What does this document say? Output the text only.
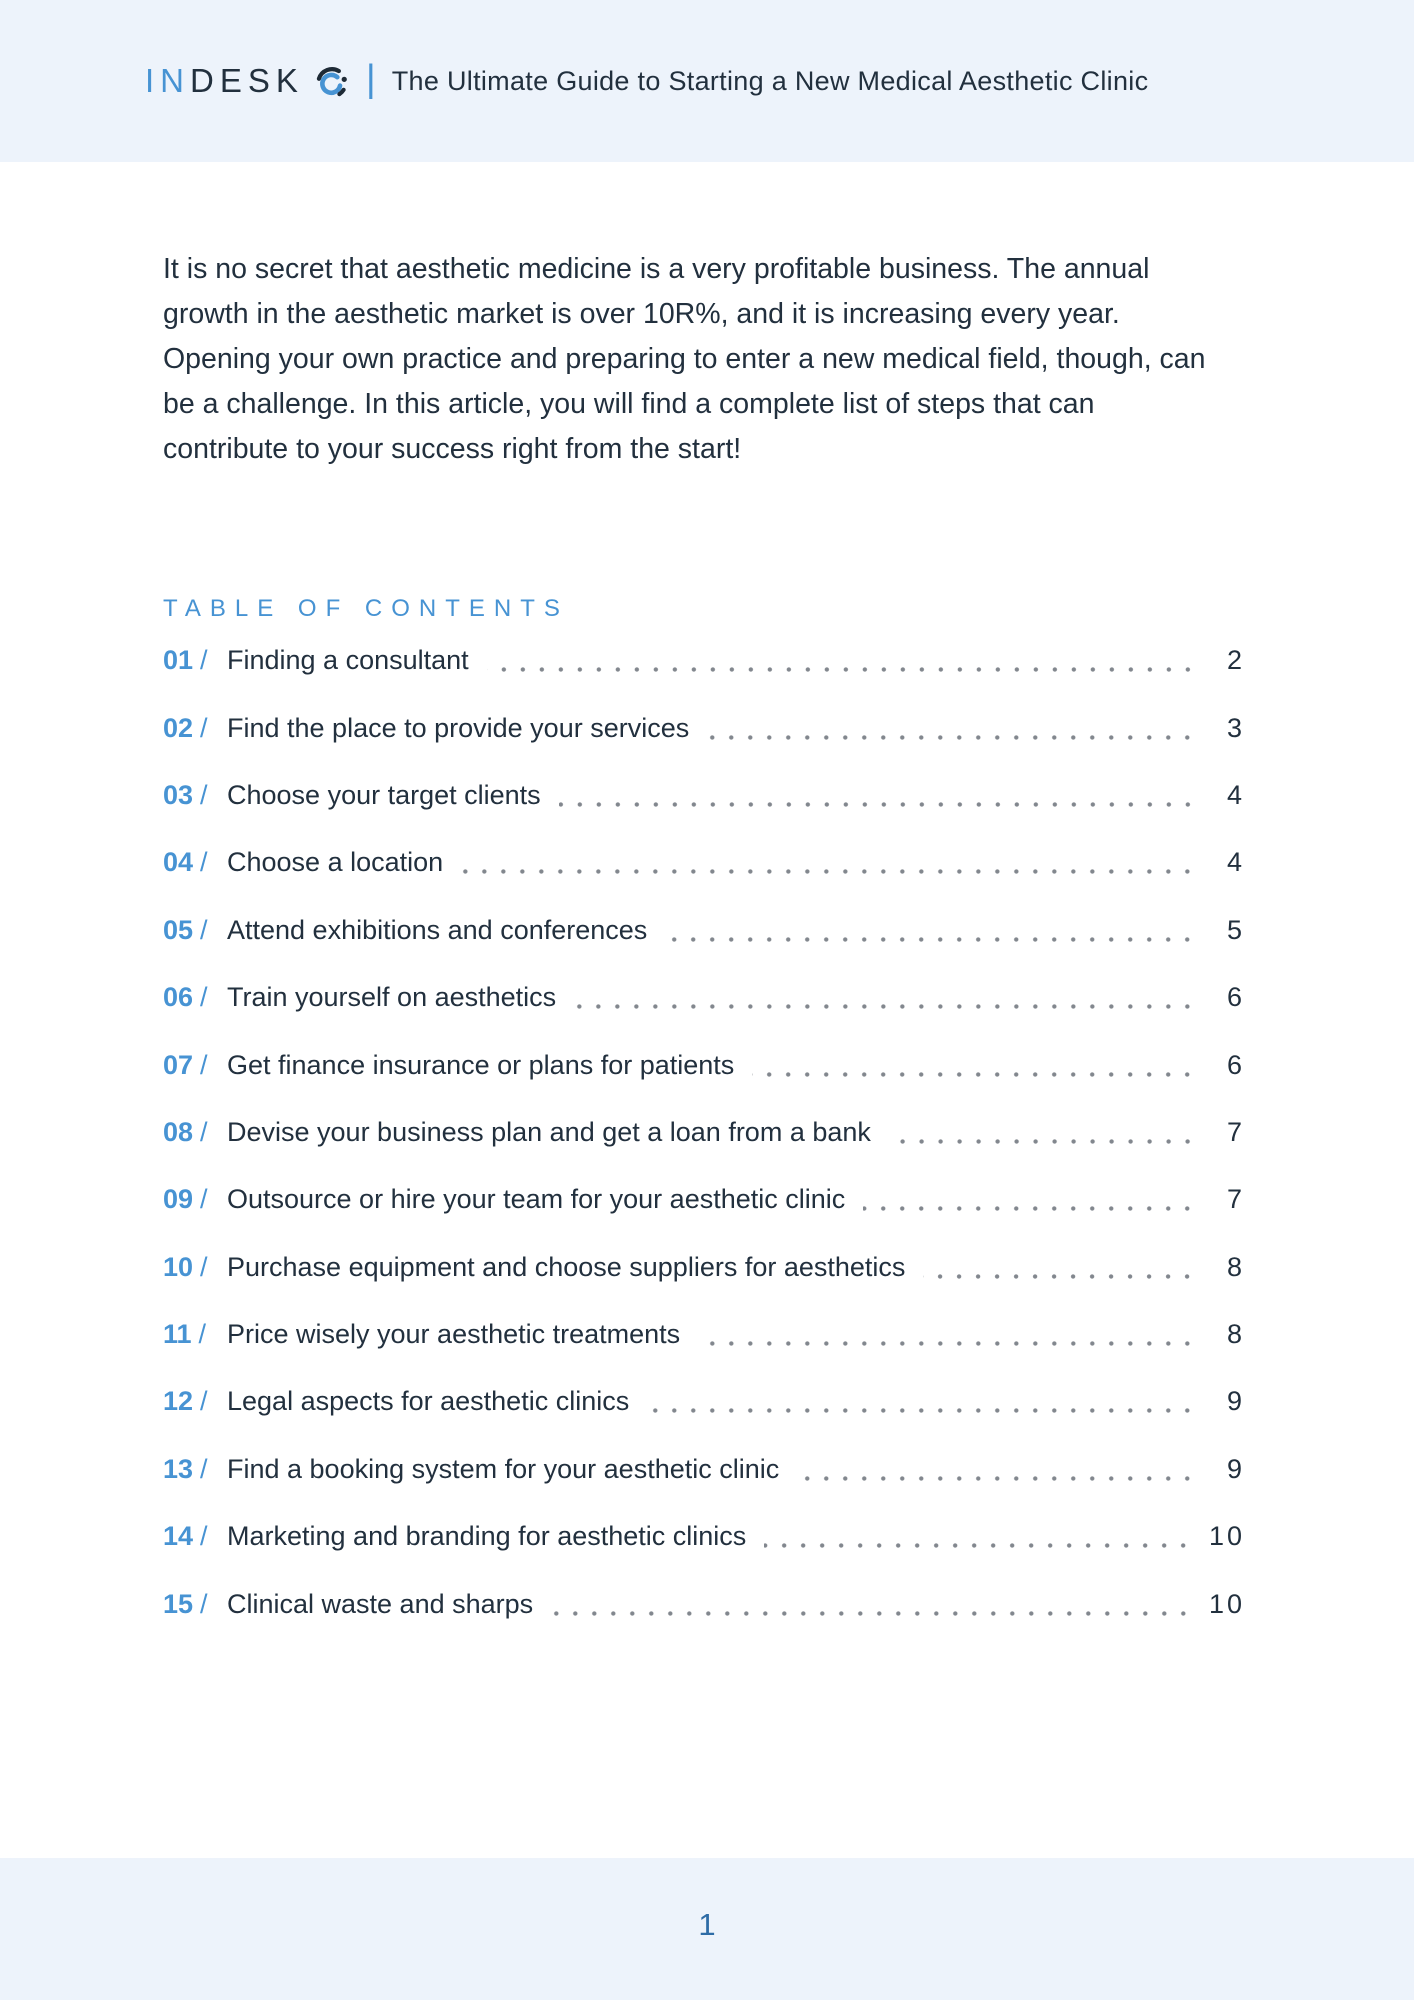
IN DESK | The Ultimate Guide to Starting a New Medical Aesthetic Clinic

It is no secret that aesthetic medicine is a very profitable business. The annual growth in the aesthetic market is over 10R%, and it is increasing every year. Opening your own practice and preparing to enter a new medical field, though, can be a challenge. In this article, you will find a complete list of steps that can contribute to your success right from the start!

TABLE OF CONTENTS
01 / Finding a consultant	2
02 / Find the place to provide your services	3
03 / Choose your target clients	4
04 / Choose a location	4
05 / Attend exhibitions and conferences	5
06 / Train yourself on aesthetics	6
07 / Get finance insurance or plans for patients	6
08 / Devise your business plan and get a loan from a bank	7
09 / Outsource or hire your team for your aesthetic clinic	7
10 / Purchase equipment and choose suppliers for aesthetics	8
11 / Price wisely your aesthetic treatments	8
12 / Legal aspects for aesthetic clinics	9
13 / Find a booking system for your aesthetic clinic	9
14 / Marketing and branding for aesthetic clinics	10
15 / Clinical waste and sharps	10
1
